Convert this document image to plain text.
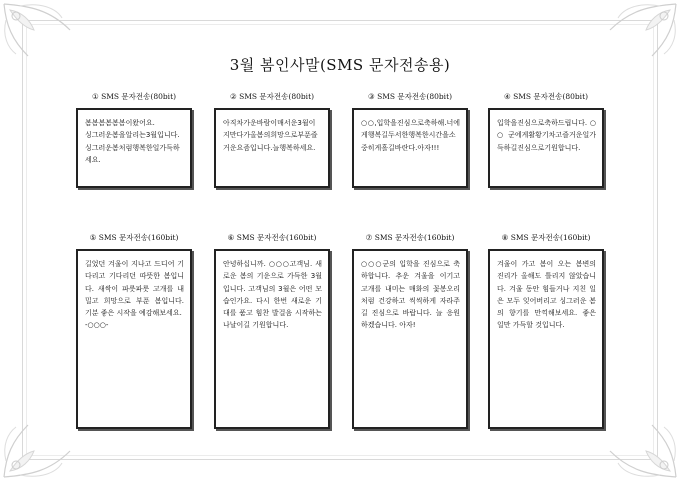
3월 봄인사말(SMS 문자전송용)
① SMS 문자전송(80bit)
봄봄봄봄봄봄이왔어요.
싱그러운봄을알리는3월입니다.싱그러운봄처럼행복한일가득하세요.
② SMS 문자전송(80bit)
아직차가운바람이매서운3월이지만다가올봄의희망으로부푼즐거운요즘입니다.늘행복하세요.
③ SMS 문자전송(80bit)
○○,입학을진심으로축하해.너에게행복길두서한행복한시간을소중히게흘길바란다.아자!!!
④ SMS 문자전송(80bit)
입학을진심으로축하드립니다.○○군에게활황기차고즐거운일가득하길진심으로기원합니다.
⑤ SMS 문자전송(160bit)
길었던 겨울이 지나고 드디어 기다리고 기다리던 따뜻한 봄입니다. 새싹이 파릇파릇 고개를 내밀고 희망으로 부푼 봄입니다. 기분 좋은 시작을 예감해보세요.
-○○○-
⑥ SMS 문자전송(160bit)
안녕하십니까. ○○○고객님. 새로운 봄의 기운으로 가득한 3월입니다. 고객님의 3월은 어떤 모습인가요. 다시 한번 새로운 기대를 품고 힘찬 발걸음 시작하는 나날이길 기원합니다.
⑦ SMS 문자전송(160bit)
○○○군의 입학을 진심으로 축하합니다. 추운 겨울을 이기고 고개를 내미는 매화의 꽃봉오리처럼 건강하고 씩씩하게 자라주길 진심으로 바랍니다. 늘 응원하겠습니다. 아자!
⑧ SMS 문자전송(160bit)
겨울이 가고 봄이 오는 봄변의 진리가 올해도 틀리지 않았습니다. 겨울 동안 힘들거나 지친 일은 모두 잊어버리고 싱그러운 봄의 향기를 만끽해보세요. 좋은 일만 가득할 것입니다.
